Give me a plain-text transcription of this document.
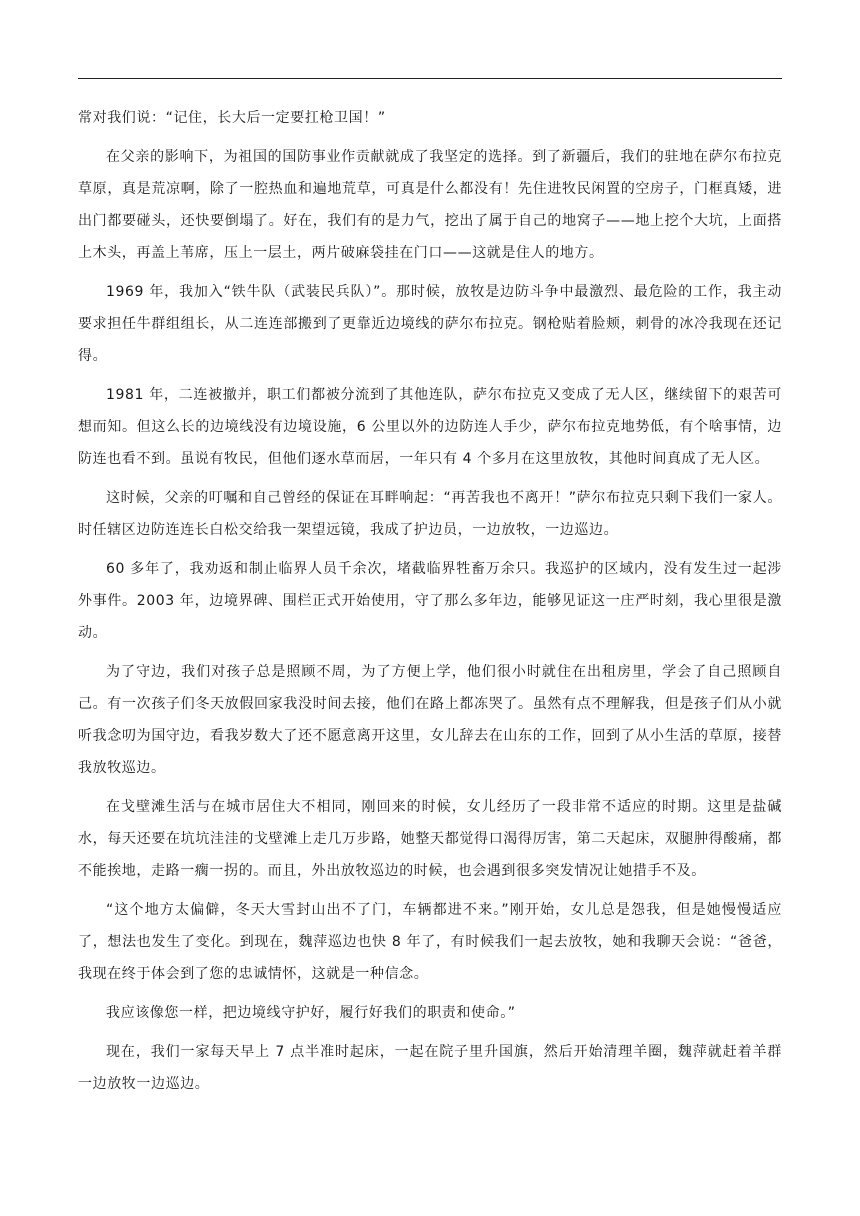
常对我们说：“记住，长大后一定要扛枪卫国！”

在父亲的影响下，为祖国的国防事业作贡献就成了我坚定的选择。到了新疆后，我们的驻地在萨尔布拉克草原，真是荒凉啊，除了一腔热血和遍地荒草，可真是什么都没有！先住进牧民闲置的空房子，门框真矮，进出门都要碰头，还快要倒塌了。好在，我们有的是力气，挖出了属于自己的地窝子——地上挖个大坑，上面搭上木头，再盖上苇席，压上一层土，两片破麻袋挂在门口——这就是住人的地方。

1969 年，我加入“铁牛队（武装民兵队）”。那时候，放牧是边防斗争中最激烈、最危险的工作，我主动要求担任牛群组组长，从二连连部搬到了更靠近边境线的萨尔布拉克。钢枪贴着脸颊，刺骨的冰冷我现在还记得。

1981 年，二连被撤并，职工们都被分流到了其他连队，萨尔布拉克又变成了无人区，继续留下的艰苦可想而知。但这么长的边境线没有边境设施，6 公里以外的边防连人手少，萨尔布拉克地势低，有个啥事情，边防连也看不到。虽说有牧民，但他们逐水草而居，一年只有 4 个多月在这里放牧，其他时间真成了无人区。

这时候，父亲的叮嘱和自己曾经的保证在耳畔响起：“再苦我也不离开！”萨尔布拉克只剩下我们一家人。时任辖区边防连连长白松交给我一架望远镜，我成了护边员，一边放牧，一边巡边。

60 多年了，我劝返和制止临界人员千余次，堵截临界牲畜万余只。我巡护的区域内，没有发生过一起涉外事件。2003 年，边境界碑、围栏正式开始使用，守了那么多年边，能够见证这一庄严时刻，我心里很是激动。

为了守边，我们对孩子总是照顾不周，为了方便上学，他们很小时就住在出租房里，学会了自己照顾自己。有一次孩子们冬天放假回家我没时间去接，他们在路上都冻哭了。虽然有点不理解我，但是孩子们从小就听我念叨为国守边，看我岁数大了还不愿意离开这里，女儿辞去在山东的工作，回到了从小生活的草原，接替我放牧巡边。

在戈壁滩生活与在城市居住大不相同，刚回来的时候，女儿经历了一段非常不适应的时期。这里是盐碱水，每天还要在坑坑洼洼的戈壁滩上走几万步路，她整天都觉得口渴得厉害，第二天起床，双腿肿得酸痛，都不能挨地，走路一瘸一拐的。而且，外出放牧巡边的时候，也会遇到很多突发情况让她措手不及。

“这个地方太偏僻，冬天大雪封山出不了门，车辆都进不来。”刚开始，女儿总是怨我，但是她慢慢适应了，想法也发生了变化。到现在，魏萍巡边也快 8 年了，有时候我们一起去放牧，她和我聊天会说：“爸爸，我现在终于体会到了您的忠诚情怀，这就是一种信念。

我应该像您一样，把边境线守护好，履行好我们的职责和使命。”

现在，我们一家每天早上 7 点半准时起床，一起在院子里升国旗，然后开始清理羊圈，魏萍就赶着羊群一边放牧一边巡边。
